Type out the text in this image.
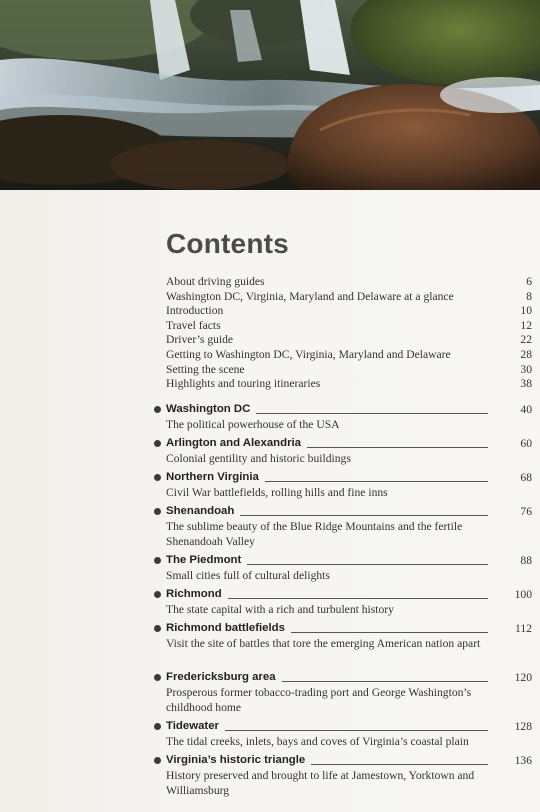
Contents
About driving guides	6
Washington DC, Virginia, Maryland and Delaware at a glance	8
Introduction	10
Travel facts	12
Driver’s guide	22
Getting to Washington DC, Virginia, Maryland and Delaware	28
Setting the scene	30
Highlights and touring itineraries	38
Washington DC	40
The political powerhouse of the USA
Arlington and Alexandria	60
Colonial gentility and historic buildings
Northern Virginia	68
Civil War battlefields, rolling hills and fine inns
Shenandoah	76
The sublime beauty of the Blue Ridge Mountains and the fertile Shenandoah Valley
The Piedmont	88
Small cities full of cultural delights
Richmond	100
The state capital with a rich and turbulent history
Richmond battlefields	112
Visit the site of battles that tore the emerging American nation apart
Fredericksburg area	120
Prosperous former tobacco-trading port and George Washington’s childhood home
Tidewater	128
The tidal creeks, inlets, bays and coves of Virginia’s coastal plain
Virginia’s historic triangle	136
History preserved and brought to life at Jamestown, Yorktown and Williamsburg
